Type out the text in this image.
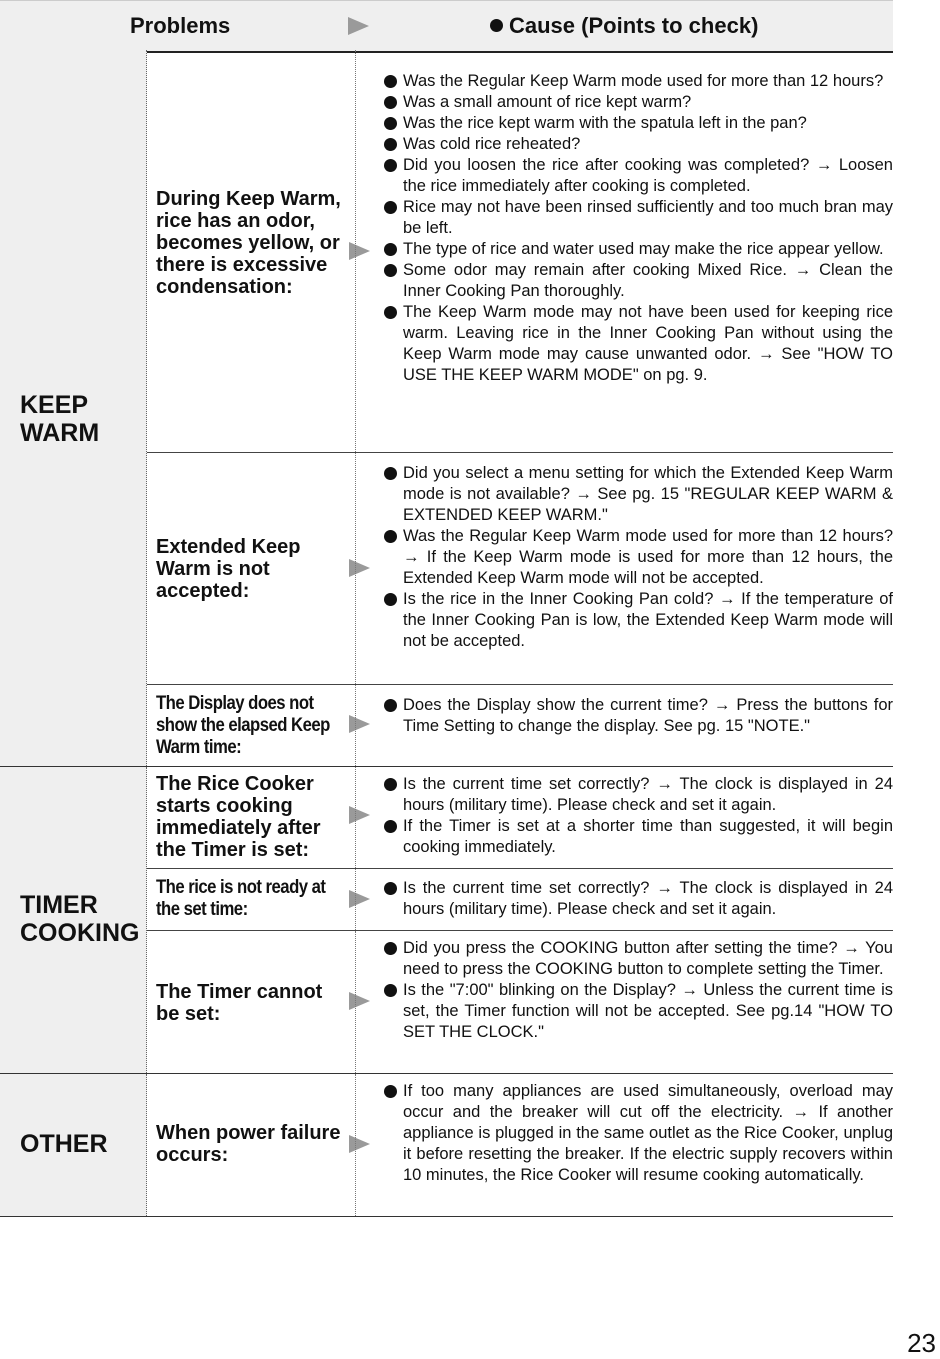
Problems	Cause (Points to check)
KEEP
WARM
During Keep Warm, rice has an odor, becomes yellow, or there is excessive condensation:
Was the Regular Keep Warm mode used for more than 12 hours?
Was a small amount of rice kept warm?
Was the rice kept warm with the spatula left in the pan?
Was cold rice reheated?
Did you loosen the rice after cooking was completed? → Loosen the rice immediately after cooking is completed.
Rice may not have been rinsed sufficiently and too much bran may be left.
The type of rice and water used may make the rice appear yellow.
Some odor may remain after cooking Mixed Rice. → Clean the Inner Cooking Pan thoroughly.
The Keep Warm mode may not have been used for keeping rice warm. Leaving rice in the Inner Cooking Pan without using the Keep Warm mode may cause unwanted odor. → See "HOW TO USE THE KEEP WARM MODE" on pg. 9.
Extended Keep Warm is not accepted:
Did you select a menu setting for which the Extended Keep Warm mode is not available? → See pg. 15 "REGULAR KEEP WARM & EXTENDED KEEP WARM."
Was the Regular Keep Warm mode used for more than 12 hours? → If the Keep Warm mode is used for more than 12 hours, the Extended Keep Warm mode will not be accepted.
Is the rice in the Inner Cooking Pan cold? → If the temperature of the Inner Cooking Pan is low, the Extended Keep Warm mode will not be accepted.
The Display does not show the elapsed Keep Warm time:
Does the Display show the current time? → Press the buttons for Time Setting to change the display. See pg. 15 "NOTE."
TIMER
COOKING
The Rice Cooker starts cooking immediately after the Timer is set:
Is the current time set correctly? → The clock is displayed in 24 hours (military time). Please check and set it again.
If the Timer is set at a shorter time than suggested, it will begin cooking immediately.
The rice is not ready at the set time:
Is the current time set correctly? → The clock is displayed in 24 hours (military time). Please check and set it again.
The Timer cannot be set:
Did you press the COOKING button after setting the time? → You need to press the COOKING button to complete setting the Timer.
Is the "7:00" blinking on the Display? → Unless the current time is set, the Timer function will not be accepted. See pg.14 "HOW TO SET THE CLOCK."
OTHER When power failure occurs:
If too many appliances are used simultaneously, overload may occur and the breaker will cut off the electricity. → If another appliance is plugged in the same outlet as the Rice Cooker, unplug it before resetting the breaker. If the electric supply recovers within 10 minutes, the Rice Cooker will resume cooking automatically.
23
